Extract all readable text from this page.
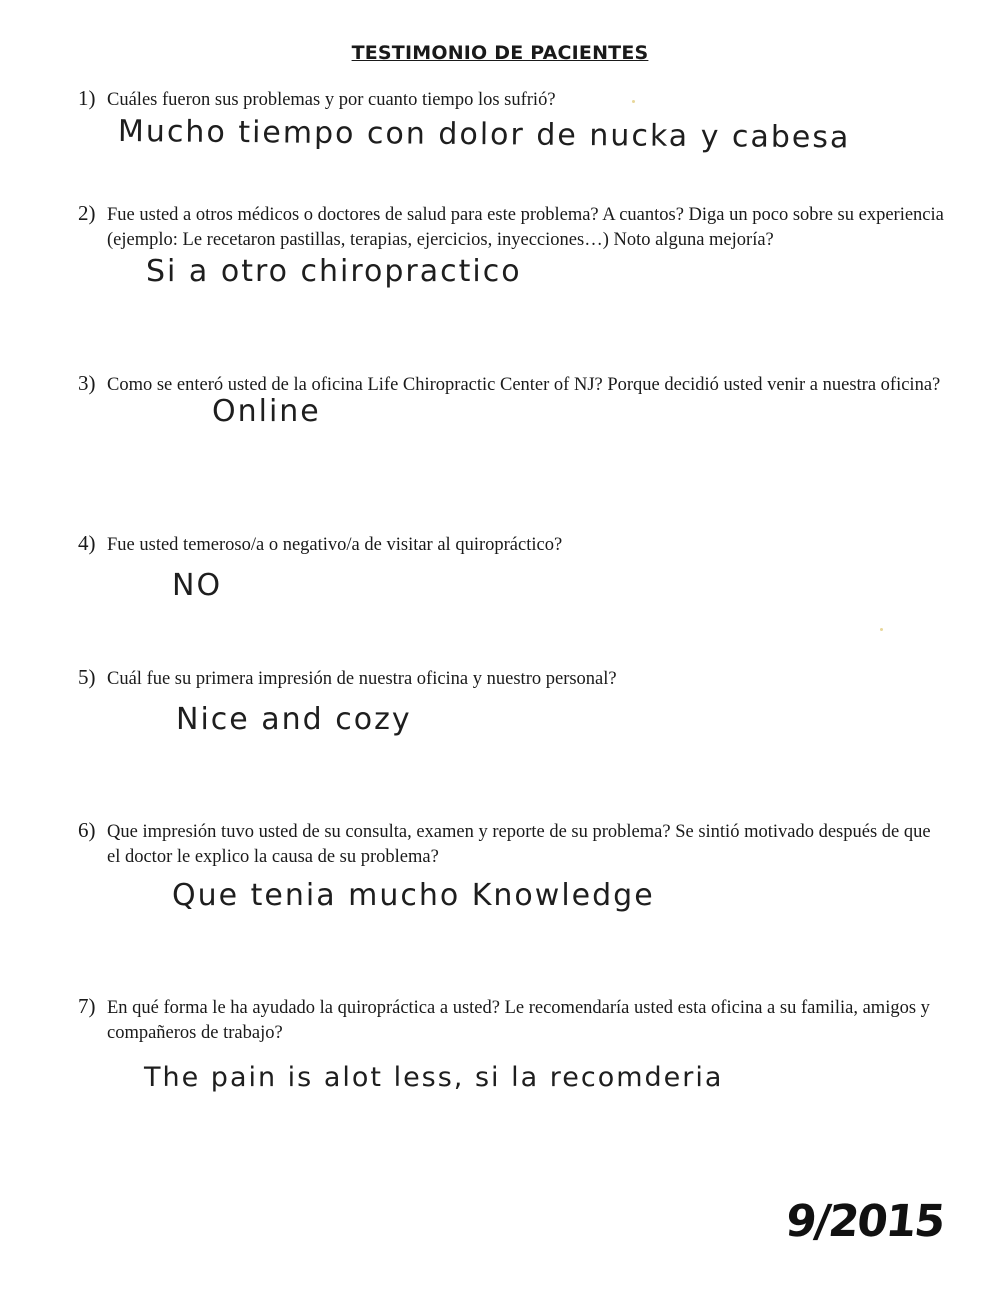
TESTIMONIO DE PACIENTES
1) Cuáles fueron sus problemas y por cuanto tiempo los sufrió?
Mucho tiempo con dolor de nucka y cabesa
2) Fue usted a otros médicos o doctores de salud para este problema? A cuantos? Diga un poco sobre su experiencia (ejemplo: Le recetaron pastillas, terapias, ejercicios, inyecciones…) Noto alguna mejoría?
Si a otro chiropractico
3) Como se enteró usted de la oficina Life Chiropractic Center of NJ? Porque decidió usted venir a nuestra oficina?
Online
4) Fue usted temeroso/a o negativo/a de visitar al quiropráctico?
NO
5) Cuál fue su primera impresión de nuestra oficina y nuestro personal?
Nice and cozy
6) Que impresión tuvo usted de su consulta, examen y reporte de su problema? Se sintió motivado después de que el doctor le explico la causa de su problema?
Que tenia mucho Knowledge
7) En qué forma le ha ayudado la quiropráctica a usted? Le recomendaría usted esta oficina a su familia, amigos y compañeros de trabajo?
The pain is alot less, si la recomderia
9/2015
